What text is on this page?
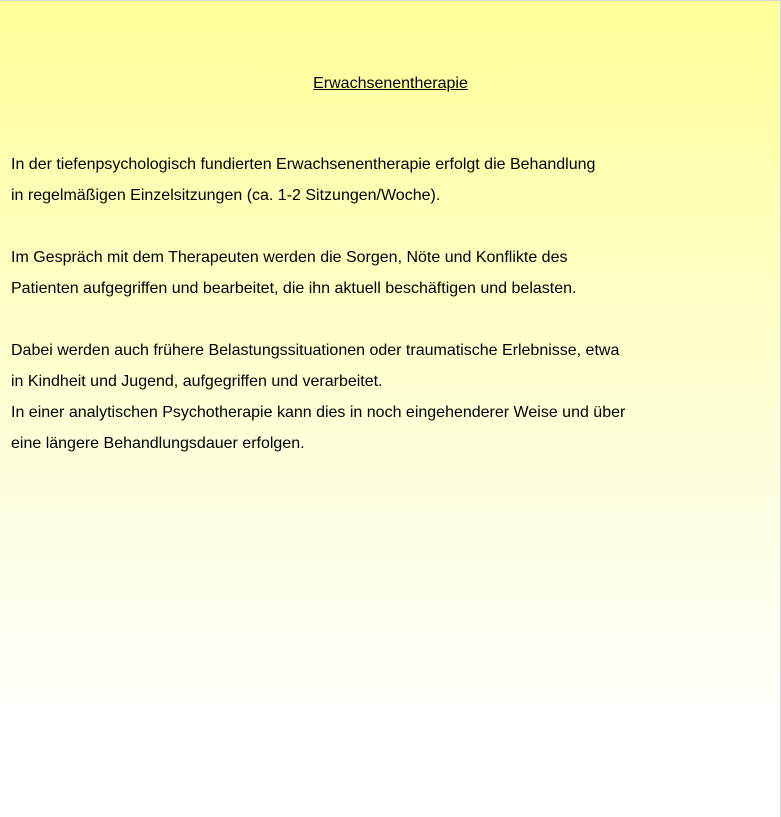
Erwachsenentherapie

In der tiefenpsychologisch fundierten Erwachsenentherapie erfolgt die Behandlung
in regelmäßigen Einzelsitzungen (ca. 1-2 Sitzungen/Woche).

Im Gespräch mit dem Therapeuten werden die Sorgen, Nöte und Konflikte des
Patienten aufgegriffen und bearbeitet, die ihn aktuell beschäftigen und belasten.

Dabei werden auch frühere Belastungssituationen oder traumatische Erlebnisse, etwa
in Kindheit und Jugend, aufgegriffen und verarbeitet.
In einer analytischen Psychotherapie kann dies in noch eingehenderer Weise und über
eine längere Behandlungsdauer erfolgen.
